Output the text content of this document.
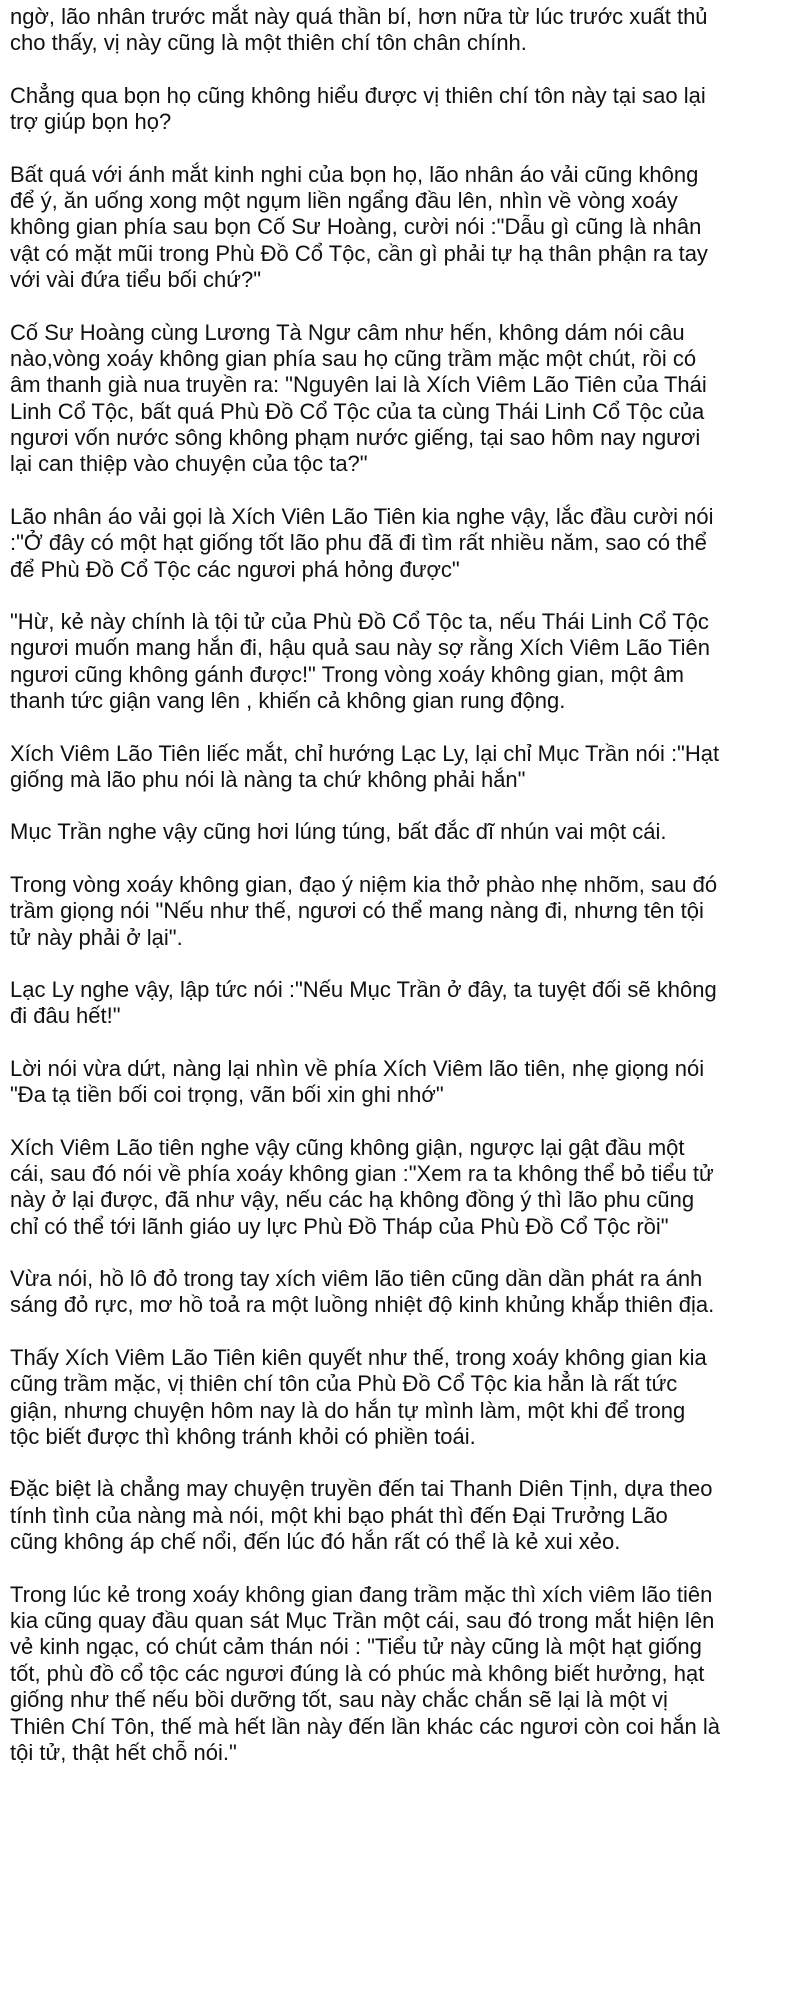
ngờ, lão nhân trước mắt này quá thần bí, hơn nữa từ lúc trước xuất thủ
cho thấy, vị này cũng là một thiên chí tôn chân chính.

Chẳng qua bọn họ cũng không hiểu được vị thiên chí tôn này tại sao lại
trợ giúp bọn họ?

Bất quá với ánh mắt kinh nghi của bọn họ, lão nhân áo vải cũng không
để ý, ăn uống xong một ngụm liền ngẩng đầu lên, nhìn về vòng xoáy
không gian phía sau bọn Cố Sư Hoàng, cười nói :"Dẫu gì cũng là nhân
vật có mặt mũi trong Phù Đồ Cổ Tộc, cần gì phải tự hạ thân phận ra tay
với vài đứa tiểu bối chứ?"

Cố Sư Hoàng cùng Lương Tà Ngư câm như hến, không dám nói câu
nào,vòng xoáy không gian phía sau họ cũng trầm mặc một chút, rồi có
âm thanh già nua truyền ra: "Nguyên lai là Xích Viêm Lão Tiên của Thái
Linh Cổ Tộc, bất quá Phù Đồ Cổ Tộc của ta cùng Thái Linh Cổ Tộc của
ngươi vốn nước sông không phạm nước giếng, tại sao hôm nay ngươi
lại can thiệp vào chuyện của tộc ta?"

Lão nhân áo vải gọi là Xích Viên Lão Tiên kia nghe vậy, lắc đầu cười nói
:"Ở đây có một hạt giống tốt lão phu đã đi tìm rất nhiều năm, sao có thể
để Phù Đồ Cổ Tộc các ngươi phá hỏng được"

"Hừ, kẻ này chính là tội tử của Phù Đồ Cổ Tộc ta, nếu Thái Linh Cổ Tộc
ngươi muốn mang hắn đi, hậu quả sau này sợ rằng Xích Viêm Lão Tiên
ngươi cũng không gánh được!" Trong vòng xoáy không gian, một âm
thanh tức giận vang lên , khiến cả không gian rung động.

Xích Viêm Lão Tiên liếc mắt, chỉ hướng Lạc Ly, lại chỉ Mục Trần nói :"Hạt
giống mà lão phu nói là nàng ta chứ không phải hắn"

Mục Trần nghe vậy cũng hơi lúng túng, bất đắc dĩ nhún vai một cái.

Trong vòng xoáy không gian, đạo ý niệm kia thở phào nhẹ nhõm, sau đó
trầm giọng nói "Nếu như thế, ngươi có thể mang nàng đi, nhưng tên tội
tử này phải ở lại".

Lạc Ly nghe vậy, lập tức nói :"Nếu Mục Trần ở đây, ta tuyệt đối sẽ không
đi đâu hết!"

Lời nói vừa dứt, nàng lại nhìn về phía Xích Viêm lão tiên, nhẹ giọng nói
"Đa tạ tiền bối coi trọng, vãn bối xin ghi nhớ"

Xích Viêm Lão tiên nghe vậy cũng không giận, ngược lại gật đầu một
cái, sau đó nói về phía xoáy không gian :"Xem ra ta không thể bỏ tiểu tử
này ở lại được, đã như vậy, nếu các hạ không đồng ý thì lão phu cũng
chỉ có thể tới lãnh giáo uy lực Phù Đồ Tháp của Phù Đồ Cổ Tộc rồi"

Vừa nói, hồ lô đỏ trong tay xích viêm lão tiên cũng dần dần phát ra ánh
sáng đỏ rực, mơ hồ toả ra một luồng nhiệt độ kinh khủng khắp thiên địa.

Thấy Xích Viêm Lão Tiên kiên quyết như thế, trong xoáy không gian kia
cũng trầm mặc, vị thiên chí tôn của Phù Đồ Cổ Tộc kia hẳn là rất tức
giận, nhưng chuyện hôm nay là do hắn tự mình làm, một khi để trong
tộc biết được thì không tránh khỏi có phiền toái.

Đặc biệt là chẳng may chuyện truyền đến tai Thanh Diên Tịnh, dựa theo
tính tình của nàng mà nói, một khi bạo phát thì đến Đại Trưởng Lão
cũng không áp chế nổi, đến lúc đó hắn rất có thể là kẻ xui xẻo.

Trong lúc kẻ trong xoáy không gian đang trầm mặc thì xích viêm lão tiên
kia cũng quay đầu quan sát Mục Trần một cái, sau đó trong mắt hiện lên
vẻ kinh ngạc, có chút cảm thán nói : "Tiểu tử này cũng là một hạt giống
tốt, phù đồ cổ tộc các ngươi đúng là có phúc mà không biết hưởng, hạt
giống như thế nếu bồi dưỡng tốt, sau này chắc chắn sẽ lại là một vị
Thiên Chí Tôn, thế mà hết lần này đến lần khác các ngươi còn coi hắn là
tội tử, thật hết chỗ nói."
